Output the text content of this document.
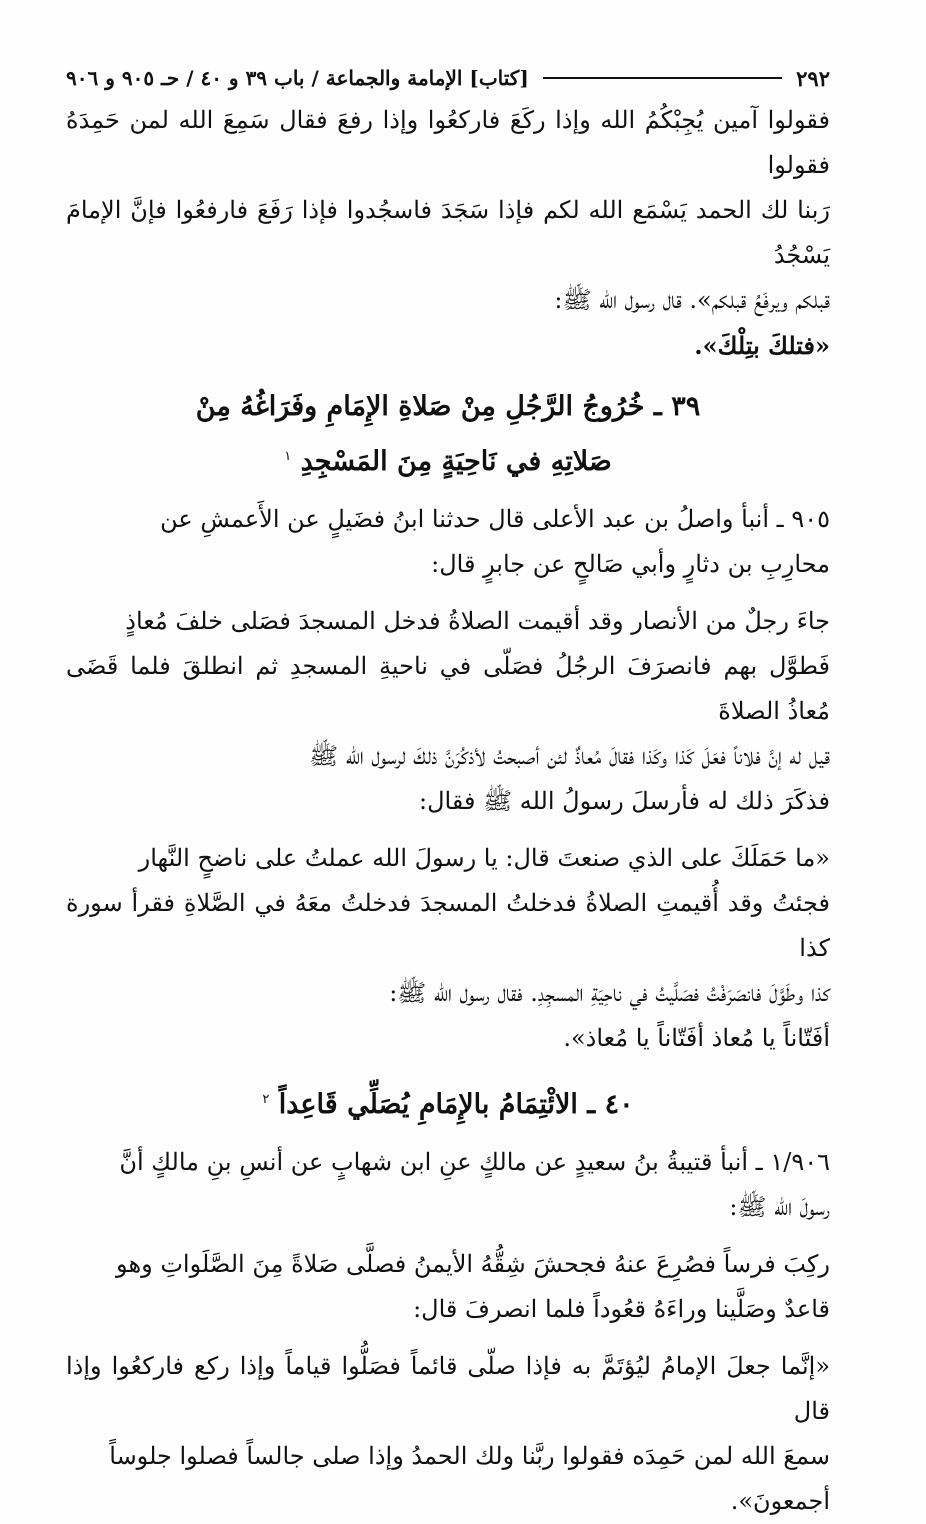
٢٩٢
[كتاب] الإمامة والجماعة / باب ٣٩ و ٤٠ / حـ ٩٠٥ و ٩٠٦
فقولوا آمين يُجِبْكُمُ الله وإذا ركَعَ فاركعُوا وإذا رفعَ فقال سَمِعَ الله لمن حَمِدَهُ فقولوا
رَبنا لك الحمد يَسْمَع الله لكم فإذا سَجَدَ فاسجُدوا فإذا رَفَعَ فارفعُوا فإنَّ الإمامَ يَسْجُدُ
قبلكم ويرفَعُ قبلكم». قال رسول الله ﷺ:
«فتلكَ بتِلْكَ».
٣٩ ـ خُرُوجُ الرَّجُلِ مِنْ صَلاةِ الإِمَامِ وفَرَاغُهُ مِنْ
صَلاتِهِ في نَاحِيَةٍ مِنَ المَسْجِدِ $^١$
٩٠٥ ـ أنبأ واصلُ بن عبد الأعلى قال حدثنا ابنُ فضَيلٍ عن الأَعمشِ عن
محارِبِ بن دثارٍ وأبي صَالحٍ عن جابرٍ قال:
جاءَ رجلٌ من الأنصار وقد أقيمت الصلاةُ فدخل المسجدَ فصَلى خلفَ مُعاذٍ
فَطوَّل بهم فانصرَفَ الرجُلُ فصَلّى في ناحيةِ المسجدِ ثم انطلقَ فلما قَضَى مُعاذُ الصلاةَ
قيل له إنَّ فلاناً فعَلَ كَذا وكَذا فقالَ مُعاذٌ لئن أصبحتُ لأذكُرَنَّ ذلكَ لرسول الله ﷺ
فذكَرَ ذلك له فأرسلَ رسولُ الله ﷺ فقال:
«ما حَمَلَكَ على الذي صنعتَ قال: يا رسولَ الله عملتُ على ناضحٍ النَّهار
فجئتُ وقد أُقيمتِ الصلاةُ فدخلتُ المسجدَ فدخلتُ معَهُ في الصَّلاةِ فقرأ سورة كذا
كذا وطَوَّلَ فانصَرَفْتُ فصَلَّيتُ في ناحِيَةِ المسجِدِ. فقال رسول الله ﷺ:
أفَتّاناً يا مُعاذ أفَتّاناً يا مُعاذ».
٤٠ ـ الائْتِمَامُ بالإِمَامِ يُصَلِّي قَاعِداً $^٢$
١/٩٠٦ ـ أنبأ قتيبةُ بنُ سعيدٍ عن مالكٍ عنِ ابن شهابٍ عن أنسِ بنِ مالكٍ أنَّ
رسولَ الله ﷺ:
ركِبَ فرساً فصُرِعَ عنهُ فجحشَ شِقُّهُ الأيمنُ فصلَّى صَلاةً مِنَ الصَّلَواتِ وهو
قاعدٌ وصَلَّينا وراءَهُ قعُوداً فلما انصرفَ قال:
«إنَّما جعلَ الإمامُ ليُؤتَمَّ به فإذا صلّى قائماً فصَلُّوا قياماً وإذا ركع فاركعُوا وإذا قال
سمعَ الله لمن حَمِدَه فقولوا ربَّنا ولك الحمدُ وإذا صلى جالساً فصلوا جلوساً
أجمعونَ».
